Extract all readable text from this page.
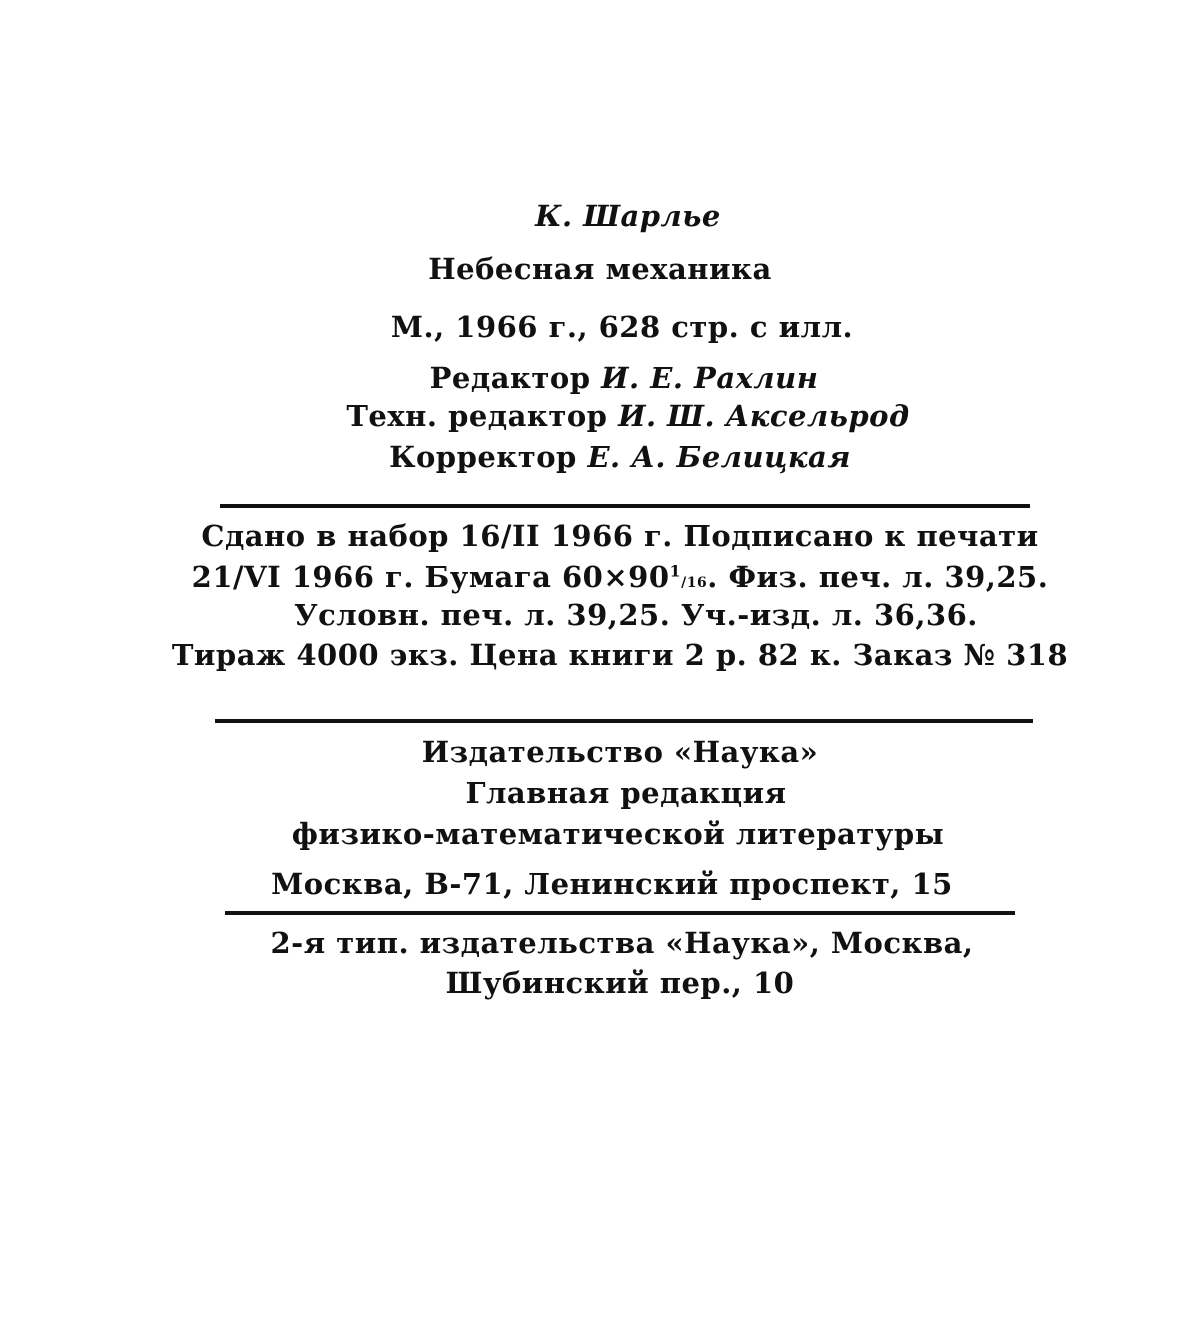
К. Шарлье
Небесная механика
М., 1966 г., 628 стр. с илл.
Редактор И. Е. Рахлин
Техн. редактор И. Ш. Аксельрод
Корректор Е. А. Белицкая
Сдано в набор 16/II 1966 г. Подписано к печати
21/VI 1966 г. Бумага $60\times 90^1/16$. Физ. печ. л. 39,25.
Условн. печ. л. 39,25. Уч.-изд. л. 36,36.
Тираж 4000 экз. Цена книги 2 р. 82 к. Заказ № 318
Издательство «Наука»
Главная редакция
физико-математической литературы
Москва, В-71, Ленинский проспект, 15
2-я тип. издательства «Наука», Москва,
Шубинский пер., 10
